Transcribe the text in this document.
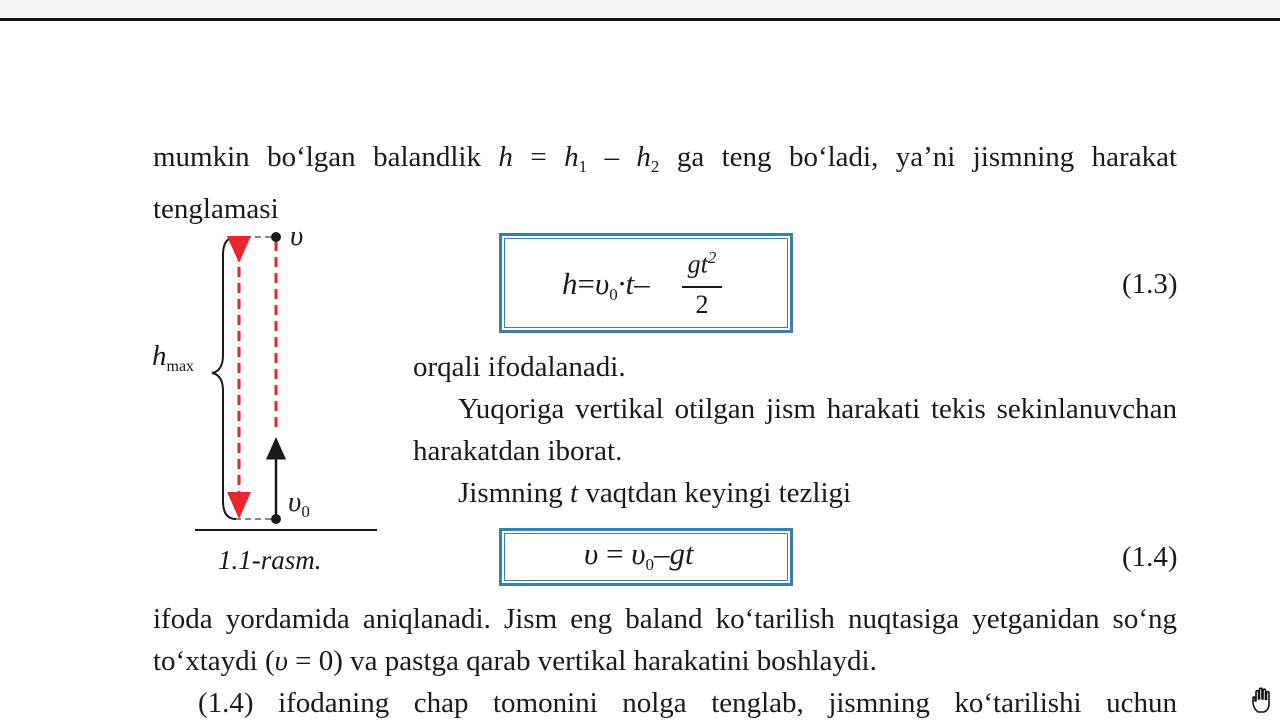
mumkin bo‘lgan balandlik $h = h_1 - h_2$ ga teng bo‘ladi, ya’ni jismning harakat tenglamasi
υ
$\upsilon_0$
$h_{max}$
1.1-rasm.
$h=\upsilon_0\cdot t-$
$gt^2$
2
(1.3)
orqali ifodalanadi.
Yuqoriga vertikal otilgan jism harakati tekis sekinlanuvchan harakatdan iborat.
Jismning t vaqtdan keyingi tezligi
$\upsilon = \upsilon_0-gt$	(1.4)
ifoda yordamida aniqlanadi. Jism eng baland ko‘tarilish nuqtasiga yetganidan so‘ng to‘xtaydi (υ = 0) va pastga qarab vertikal harakatini boshlaydi.
(1.4) ifodaning chap tomonini nolga tenglab, jismning ko‘tarilishi uchun
